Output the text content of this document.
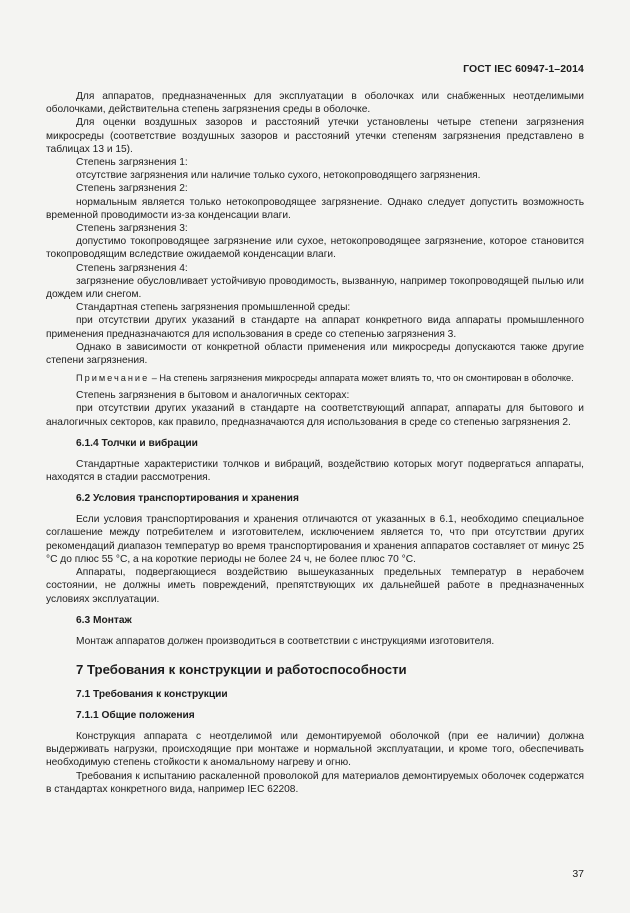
ГОСТ IEC 60947-1–2014

Для аппаратов, предназначенных для эксплуатации в оболочках или снабженных неотделимыми оболочками, действительна степень загрязнения среды в оболочке.

Для оценки воздушных зазоров и расстояний утечки установлены четыре степени загрязнения микросреды (соответствие воздушных зазоров и расстояний утечки степеням загрязнения представлено в таблицах 13 и 15).

Степень загрязнения 1:

отсутствие загрязнения или наличие только сухого, нетокопроводящего загрязнения.

Степень загрязнения 2:

нормальным является только нетокопроводящее загрязнение. Однако следует допустить возможность временной проводимости из-за конденсации влаги.

Степень загрязнения 3:

допустимо токопроводящее загрязнение или сухое, нетокопроводящее загрязнение, которое становится токопроводящим вследствие ожидаемой конденсации влаги.

Степень загрязнения 4:

загрязнение обусловливает устойчивую проводимость, вызванную, например токопроводящей пылью или дождем или снегом.

Стандартная степень загрязнения промышленной среды:

при отсутствии других указаний в стандарте на аппарат конкретного вида аппараты промышленного применения предназначаются для использования в среде со степенью загрязнения 3.

Однако в зависимости от конкретной области применения или микросреды допускаются также другие степени загрязнения.

Примечание – На степень загрязнения микросреды аппарата может влиять то, что он смонтирован в оболочке.

Степень загрязнения в бытовом и аналогичных секторах:

при отсутствии других указаний в стандарте на соответствующий аппарат, аппараты для бытового и аналогичных секторов, как правило, предназначаются для использования в среде со степенью загрязнения 2.

6.1.4 Толчки и вибрации

Стандартные характеристики толчков и вибраций, воздействию которых могут подвергаться аппараты, находятся в стадии рассмотрения.

6.2 Условия транспортирования и хранения

Если условия транспортирования и хранения отличаются от указанных в 6.1, необходимо специальное соглашение между потребителем и изготовителем, исключением является то, что при отсутствии других рекомендаций диапазон температур во время транспортирования и хранения аппаратов составляет от минус 25 °С до плюс 55 °С, а на короткие периоды не более 24 ч, не более плюс 70 °С.

Аппараты, подвергающиеся воздействию вышеуказанных предельных температур в нерабочем состоянии, не должны иметь повреждений, препятствующих их дальнейшей работе в предназначенных условиях эксплуатации.

6.3 Монтаж

Монтаж аппаратов должен производиться в соответствии с инструкциями изготовителя.

7 Требования к конструкции и работоспособности
7.1 Требования к конструкции
7.1.1 Общие положения

Конструкция аппарата с неотделимой или демонтируемой оболочкой (при ее наличии) должна выдерживать нагрузки, происходящие при монтаже и нормальной эксплуатации, и кроме того, обеспечивать необходимую степень стойкости к аномальному нагреву и огню.

Требования к испытанию раскаленной проволокой для материалов демонтируемых оболочек содержатся в стандартах конкретного вида, например IEC 62208.

37
